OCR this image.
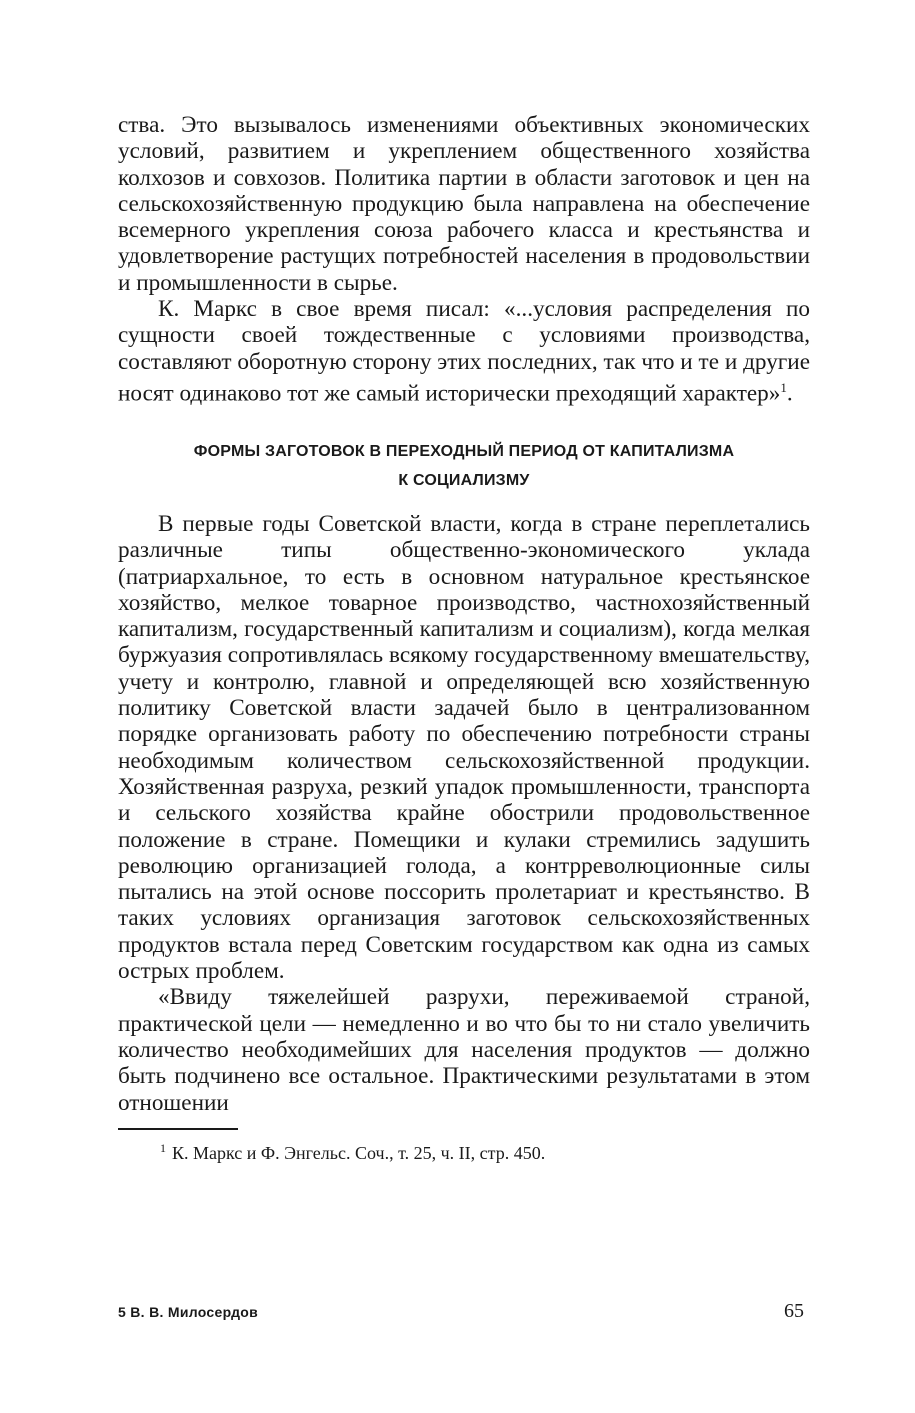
ства. Это вызывалось изменениями объективных экономических условий, развитием и укреплением общественного хозяйства колхозов и совхозов. Политика партии в области заготовок и цен на сельскохозяйственную продукцию была направлена на обеспечение всемерного укрепления союза рабочего класса и крестьянства и удовлетворение растущих потребностей населения в продовольствии и промышленности в сырье.

К. Маркс в свое время писал: «...условия распределения по сущности своей тождественные с условиями производства, составляют оборотную сторону этих последних, так что и те и другие носят одинаково тот же самый исторически преходящий характер»$^1$.

ФОРМЫ ЗАГОТОВОК В ПЕРЕХОДНЫЙ ПЕРИОД ОТ КАПИТАЛИЗМА
К СОЦИАЛИЗМУ

В первые годы Советской власти, когда в стране переплетались различные типы общественно-экономического уклада (патриархальное, то есть в основном натуральное крестьянское хозяйство, мелкое товарное производство, частнохозяйственный капитализм, государственный капитализм и социализм), когда мелкая буржуазия сопротивлялась всякому государственному вмешательству, учету и контролю, главной и определяющей всю хозяйственную политику Советской власти задачей было в централизованном порядке организовать работу по обеспечению потребности страны необходимым количеством сельскохозяйственной продукции. Хозяйственная разруха, резкий упадок промышленности, транспорта и сельского хозяйства крайне обострили продовольственное положение в стране. Помещики и кулаки стремились задушить революцию организацией голода, а контрреволюционные силы пытались на этой основе поссорить пролетариат и крестьянство. В таких условиях организация заготовок сельскохозяйственных продуктов встала перед Советским государством как одна из самых острых проблем.

«Ввиду тяжелейшей разрухи, переживаемой страной, практической цели — немедленно и во что бы то ни стало увеличить количество необходимейших для населения продуктов — должно быть подчинено все остальное. Практическими результатами в этом отношении

$^1$ К. Маркс и Ф. Энгельс. Соч., т. 25, ч. II, стр. 450.

5 В. В. Милосердов	65
